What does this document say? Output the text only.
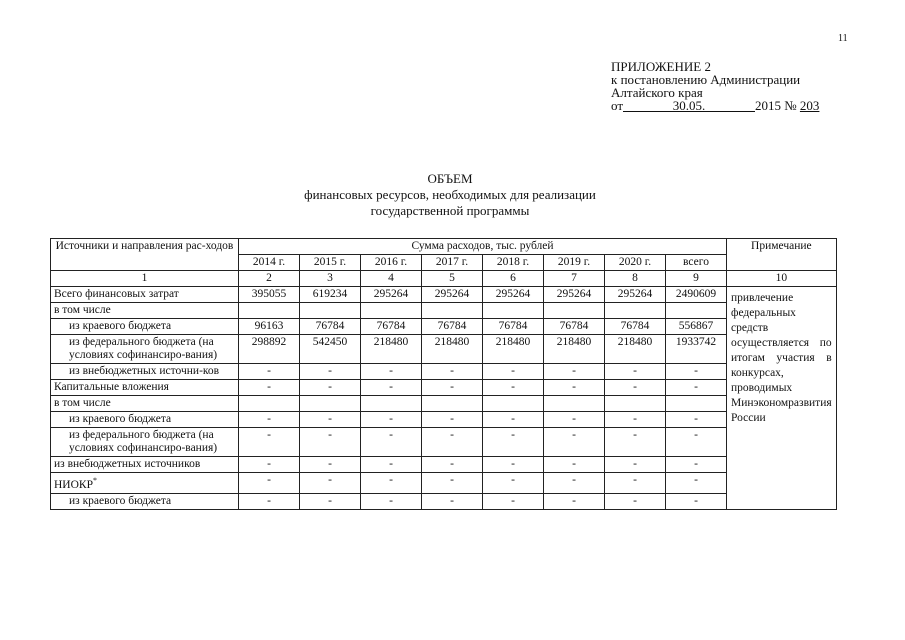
11
ПРИЛОЖЕНИЕ 2
к постановлению Администрации
Алтайского края
от	30.05.	2015 № 203
ОБЪЕМ
финансовых ресурсов, необходимых для реализации
государственной программы
Источники и направления рас-ходов	Сумма расходов, тыс. рублей								Примечание
	2014 г.	2015 г.	2016 г.	2017 г.	2018 г.	2019 г.	2020 г.	всего	
1	2	3	4	5	6	7	8	9	10
Всего финансовых затрат	395055	619234	295264	295264	295264	295264	295264	2490609	привлечение федеральных средств осуществляется по итогам участия в конкурсах, проводимых Минэкономразвития России
в том числе									
из краевого бюджета	96163	76784	76784	76784	76784	76784	76784	556867	
из федерального бюджета (на условиях софинансиро-вания)	298892	542450	218480	218480	218480	218480	218480	1933742	
из внебюджетных источни-ков	-	-	-	-	-	-	-	-	
Капитальные вложения	-	-	-	-	-	-	-	-	
в том числе									
из краевого бюджета	-	-	-	-	-	-	-	-	
из федерального бюджета (на условиях софинансиро-вания)	-	-	-	-	-	-	-	-	
из внебюджетных источников	-	-	-	-	-	-	-	-	
НИОКР*	-	-	-	-	-	-	-	-	
из краевого бюджета	-	-	-	-	-	-	-	-	
